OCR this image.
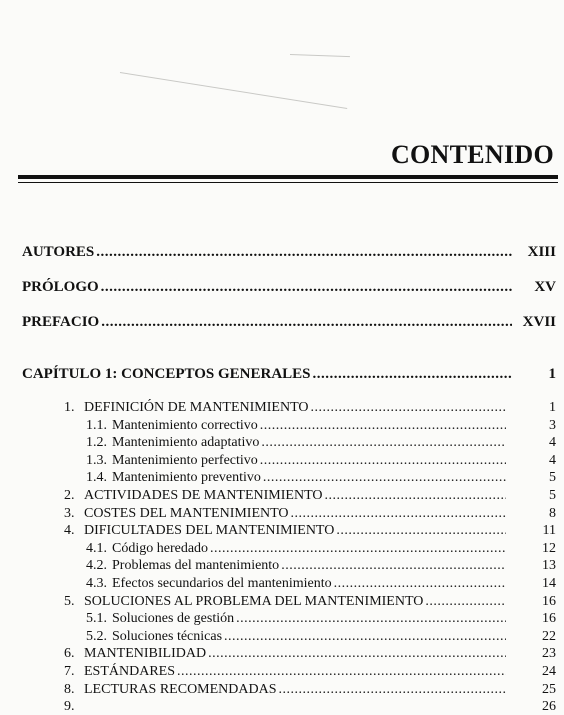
CONTENIDO
AUTORES .....	XIII
PRÓLOGO .....	XV
PREFACIO .....	XVII
CAPÍTULO 1: CONCEPTOS GENERALES .....	1
1. DEFINICIÓN DE MANTENIMIENTO .....	1
1.1. Mantenimiento correctivo .....	3
1.2. Mantenimiento adaptativo .....	4
1.3. Mantenimiento perfectivo .....	4
1.4. Mantenimiento preventivo .....	5
2. ACTIVIDADES DE MANTENIMIENTO .....	5
3. COSTES DEL MANTENIMIENTO .....	8
4. DIFICULTADES DEL MANTENIMIENTO .....	11
4.1. Código heredado .....	12
4.2. Problemas del mantenimiento .....	13
4.3. Efectos secundarios del mantenimiento .....	14
5. SOLUCIONES AL PROBLEMA DEL MANTENIMIENTO .....	16
5.1. Soluciones de gestión .....	16
5.2. Soluciones técnicas .....	22
6. MANTENIBILIDAD .....	23
7. ESTÁNDARES .....	24
8. LECTURAS RECOMENDADAS .....	25
9.	26
